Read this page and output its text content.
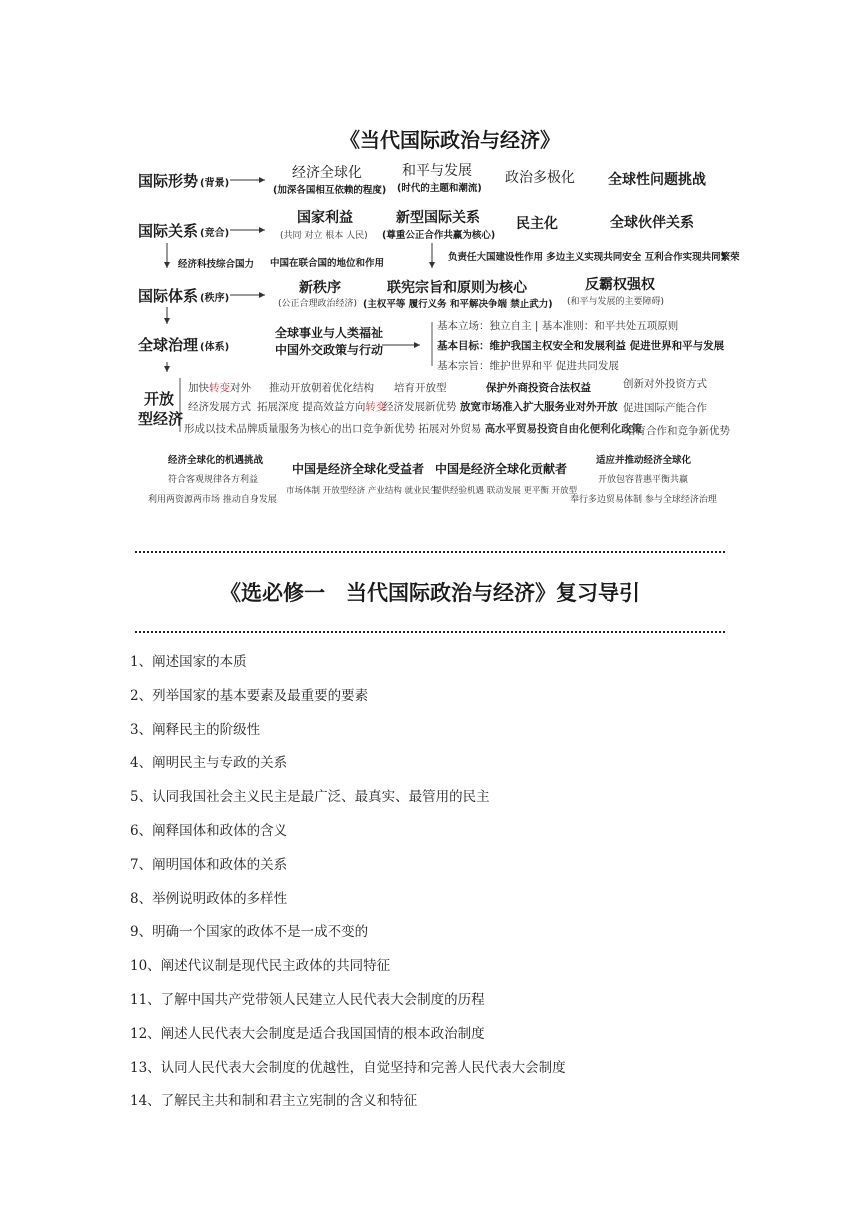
《当代国际政治与经济》
国际形势 (背景)
经济全球化
(加深各国相互依赖的程度)
和平与发展
(时代的主题和潮流)
政治多极化 全球性问题挑战
国际关系 (竞合)
国家利益
(共同 对立 根本 人民)
新型国际关系
(尊重公正合作共赢为核心)
民主化	全球伙伴关系
经济科技综合国力 中国在联合国的地位和作用
负责任大国建设性作用 多边主义实现共同安全 互利合作实现共同繁荣
国际体系 (秩序)
新秩序
(公正合理政治经济)
联宪宗旨和原则为核心
(主权平等 履行义务 和平解决争端 禁止武力)
反霸权强权
(和平与发展的主要障碍)
全球治理 (体系)
全球事业与人类福祉
中国外交政策与行动
基本立场：独立自主 | 基本准则：和平共处五项原则
基本目标：维护我国主权安全和发展利益 促进世界和平与发展
基本宗旨：维护世界和平 促进共同发展
开放
型经济
加快转变对外
经济发展方式
推动开放朝着优化结构
拓展深度 提高效益方向转变
培育开放型
经济发展新优势
保护外商投资合法权益
放宽市场准入扩大服务业对外开放
创新对外投资方式
促进国际产能合作
形成以技术品牌质量服务为核心的出口竞争新优势 拓展对外贸易 高水平贸易投资自由化便利化政策
培育合作和竞争新优势
经济全球化的机遇挑战
符合客观规律各方利益
利用两资源两市场 推动自身发展
中国是经济全球化受益者
市场体制 开放型经济 产业结构 就业民生
中国是经济全球化贡献者
提供经验机遇 联动发展 更平衡 开放型
适应并推动经济全球化
开放包容普惠平衡共赢
奉行多边贸易体制 参与全球经济治理
《选必修一　当代国际政治与经济》复习导引
1、阐述国家的本质
2、列举国家的基本要素及最重要的要素
3、阐释民主的阶级性
4、阐明民主与专政的关系
5、认同我国社会主义民主是最广泛、最真实、最管用的民主
6、阐释国体和政体的含义
7、阐明国体和政体的关系
8、举例说明政体的多样性
9、明确一个国家的政体不是一成不变的
10、阐述代议制是现代民主政体的共同特征
11、了解中国共产党带领人民建立人民代表大会制度的历程
12、阐述人民代表大会制度是适合我国国情的根本政治制度
13、认同人民代表大会制度的优越性，自觉坚持和完善人民代表大会制度
14、了解民主共和制和君主立宪制的含义和特征
